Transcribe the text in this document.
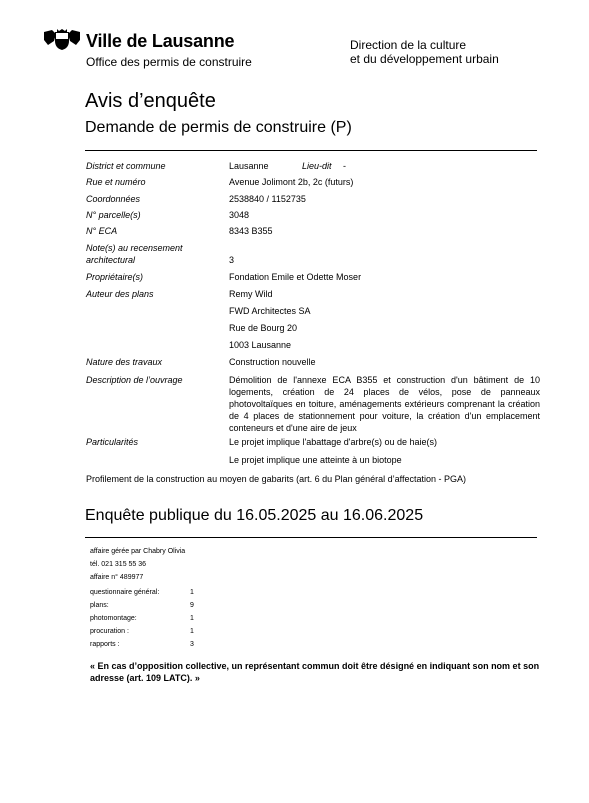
Ville de Lausanne
Office des permis de construire
Direction de la culture
et du développement urbain
Avis d’enquête
Demande de permis de construire (P)
District et commune	Lausanne	Lieu-dit -
Rue et numéro	Avenue Jolimont 2b, 2c (futurs)
Coordonnées	2538840 / 1152735
N° parcelle(s)	3048
N° ECA	8343 B355
Note(s) au recensement
architectural	3
Propriétaire(s)	Fondation Emile et Odette Moser
Auteur des plans	Remy Wild
FWD Architectes SA
Rue de Bourg 20
1003 Lausanne
Nature des travaux	Construction nouvelle
Description de l’ouvrage	Démolition de l'annexe ECA B355 et construction d'un bâtiment de 10 logements, création de 24 places de vélos, pose de panneaux photovoltaïques en toiture, aménagements extérieurs comprenant la création de 4 places de stationnement pour voiture, la création d'un emplacement conteneurs et d'une aire de jeux
Particularités	Le projet implique l'abattage d'arbre(s) ou de haie(s)
Le projet implique une atteinte à un biotope
Profilement de la construction au moyen de gabarits (art. 6 du Plan général d’affectation - PGA)
Enquête publique du 16.05.2025 au 16.06.2025
affaire gérée par Chabry Olivia
tél. 021 315 55 36
affaire n° 489977
questionnaire général:	1
plans:	9
photomontage:	1
procuration :	1
rapports :	3
« En cas d’opposition collective, un représentant commun doit être désigné en indiquant son nom et son adresse (art. 109 LATC). »
